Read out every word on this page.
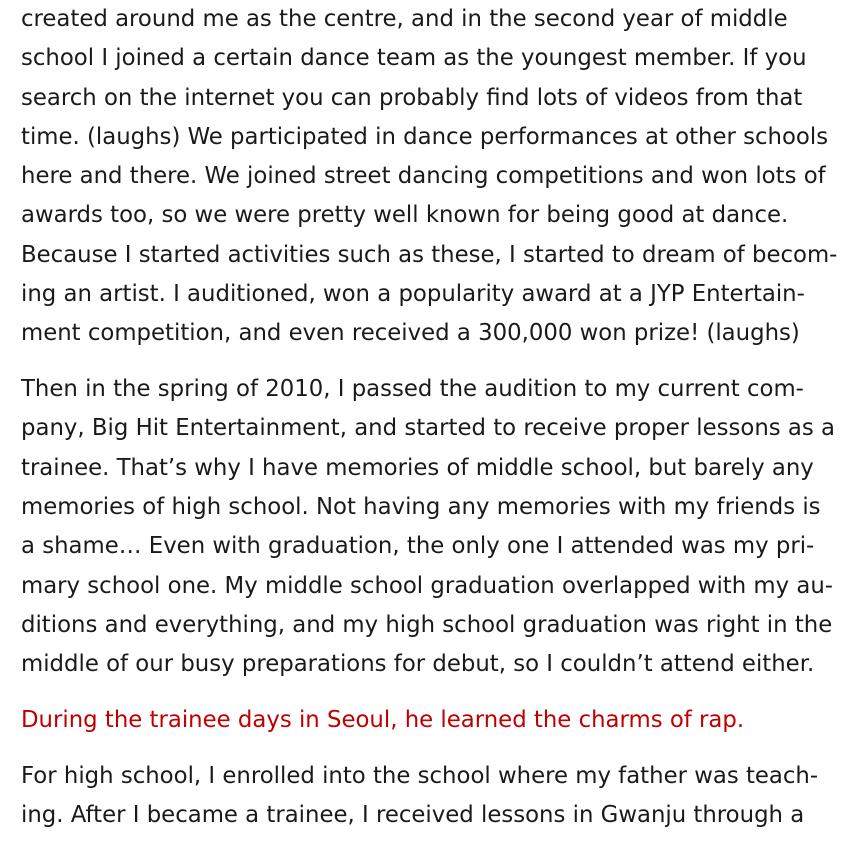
created around me as the centre, and in the second year of middle
school I joined a certain dance team as the youngest member. If you
search on the internet you can probably find lots of videos from that
time. (laughs) We participated in dance performances at other schools
here and there. We joined street dancing competitions and won lots of
awards too, so we were pretty well known for being good at dance.
Because I started activities such as these, I started to dream of becom-
ing an artist. I auditioned, won a popularity award at a JYP Entertain-
ment competition, and even received a 300,000 won prize! (laughs)
Then in the spring of 2010, I passed the audition to my current com-
pany, Big Hit Entertainment, and started to receive proper lessons as a
trainee. That’s why I have memories of middle school, but barely any
memories of high school. Not having any memories with my friends is
a shame… Even with graduation, the only one I attended was my pri-
mary school one. My middle school graduation overlapped with my au-
ditions and everything, and my high school graduation was right in the
middle of our busy preparations for debut, so I couldn’t attend either.
During the trainee days in Seoul, he learned the charms of rap.
For high school, I enrolled into the school where my father was teach-
ing. After I became a trainee, I received lessons in Gwanju through a
